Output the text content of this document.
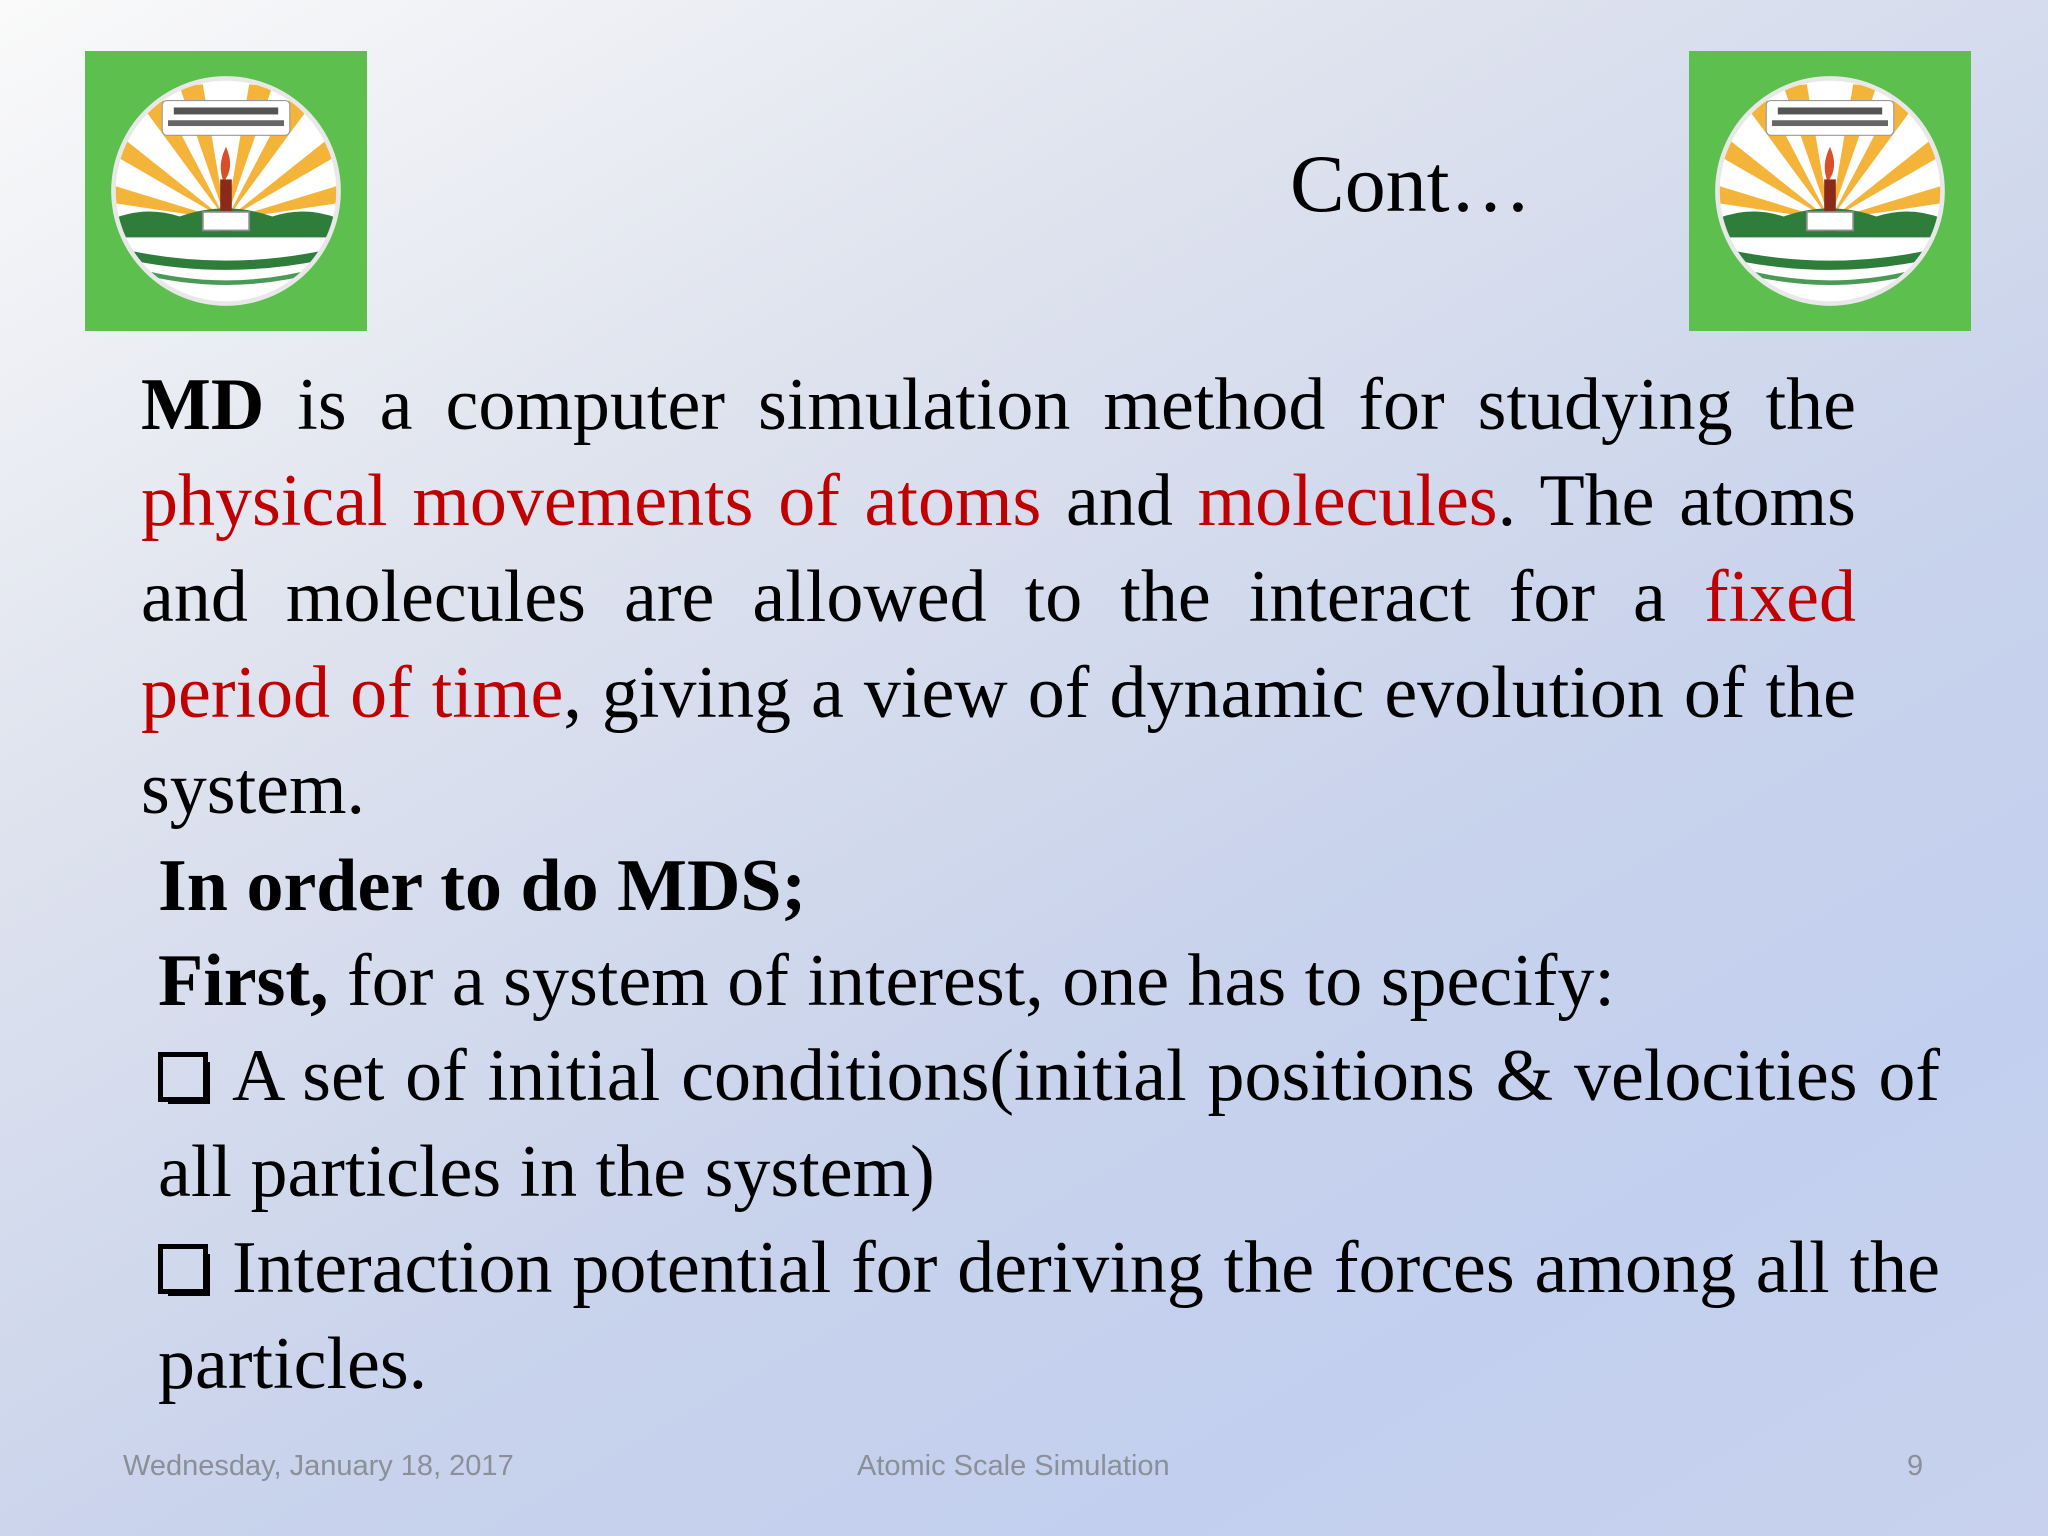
Cont…
MD is a computer simulation method for studying the physical movements of atoms and molecules. The atoms and molecules are allowed to the interact for a fixed period of time, giving a view of dynamic evolution of the system.
In order to do MDS;
First, for a system of interest, one has to specify:

A set of initial conditions(initial positions & velocities of all particles in the system)

Interaction potential for deriving the forces among all the particles.

Wednesday, January 18, 2017	Atomic Scale Simulation	9
